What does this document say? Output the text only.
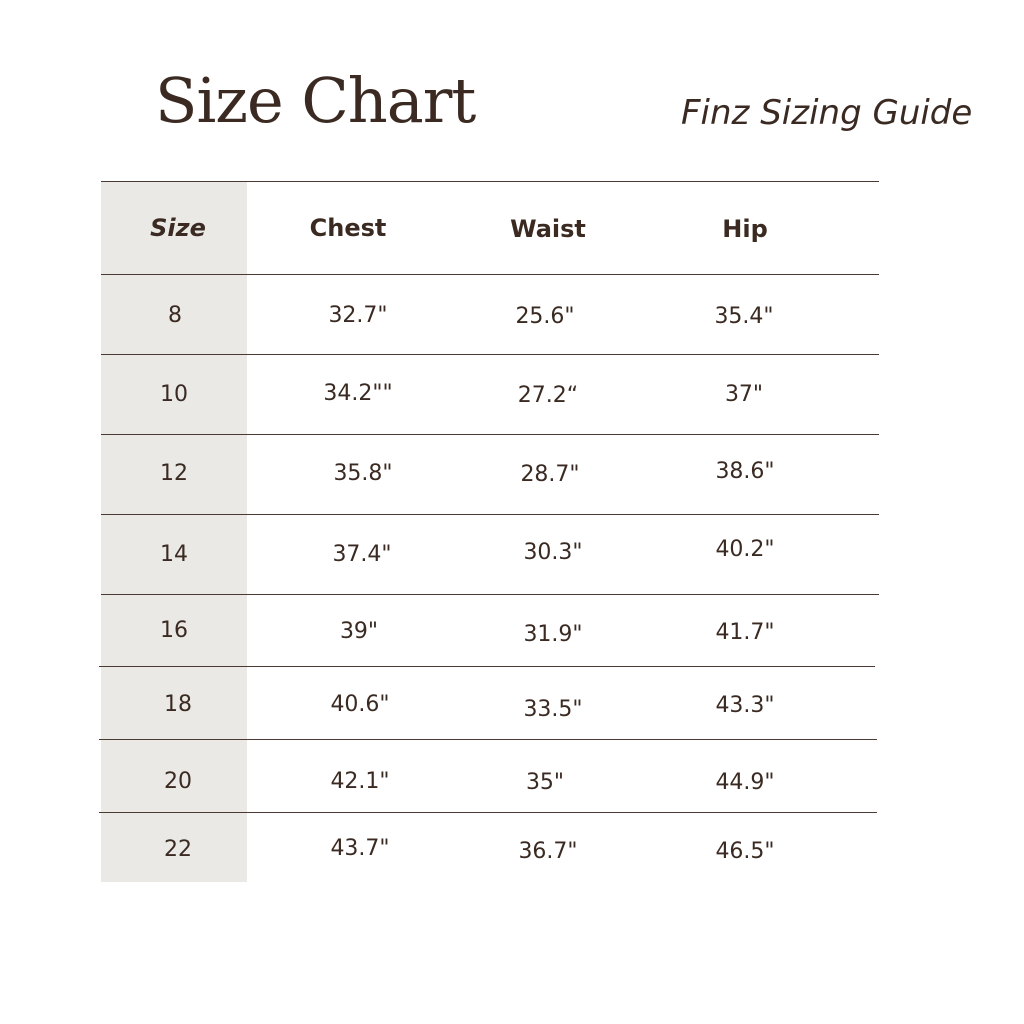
Size Chart	Finz Sizing Guide
Size	Chest	Waist	Hip
8	32.7"	25.6"	35.4"
10	34.2""	27.2“	37"
12	35.8"	28.7"	38.6"
14	37.4"	30.3"	40.2"
16	39"	31.9"	41.7"
18	40.6"	33.5"	43.3"
20	42.1"	35"	44.9"
22	43.7"	36.7"	46.5"
